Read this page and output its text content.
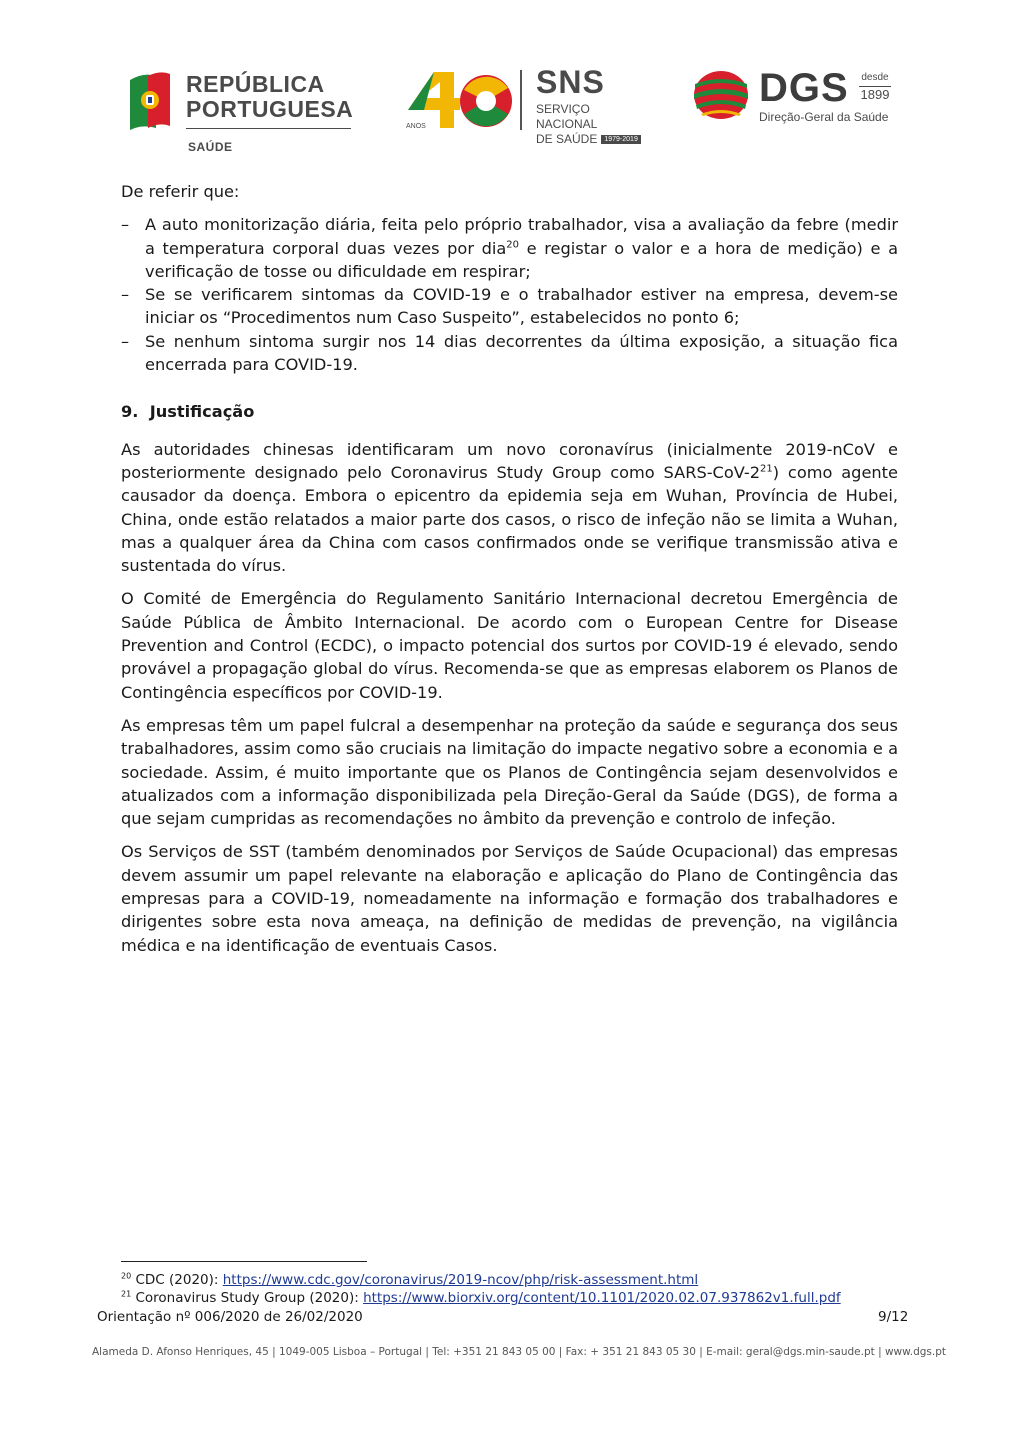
REPÚBLICA
PORTUGUESA
SAÚDE
ANOS
SNS
SERVIÇO NACIONAL
DE SAÚDE 1979-2019
DGS desde
1899
Direção-Geral da Saúde

De referir que:

– A auto monitorização diária, feita pelo próprio trabalhador, visa a avaliação da febre (medir a temperatura corporal duas vezes por dia$^{20}$ e registar o valor e a hora de medição) e a verificação de tosse ou dificuldade em respirar;
– Se se verificarem sintomas da COVID-19 e o trabalhador estiver na empresa, devem-se iniciar os “Procedimentos num Caso Suspeito”, estabelecidos no ponto 6;
– Se nenhum sintoma surgir nos 14 dias decorrentes da última exposição, a situação fica encerrada para COVID-19.
9. Justificação

As autoridades chinesas identificaram um novo coronavírus (inicialmente 2019-nCoV e posteriormente designado pelo Coronavirus Study Group como SARS-$CoV-2^{21}$) como agente causador da doença. Embora o epicentro da epidemia seja em Wuhan, Província de Hubei, China, onde estão relatados a maior parte dos casos, o risco de infeção não se limita a Wuhan, mas a qualquer área da China com casos confirmados onde se verifique transmissão ativa e sustentada do vírus.

O Comité de Emergência do Regulamento Sanitário Internacional decretou Emergência de Saúde Pública de Âmbito Internacional. De acordo com o European Centre for Disease Prevention and Control (ECDC), o impacto potencial dos surtos por COVID-19 é elevado, sendo provável a propagação global do vírus. Recomenda-se que as empresas elaborem os Planos de Contingência específicos por COVID-19.

As empresas têm um papel fulcral a desempenhar na proteção da saúde e segurança dos seus trabalhadores, assim como são cruciais na limitação do impacte negativo sobre a economia e a sociedade. Assim, é muito importante que os Planos de Contingência sejam desenvolvidos e atualizados com a informação disponibilizada pela Direção-Geral da Saúde (DGS), de forma a que sejam cumpridas as recomendações no âmbito da prevenção e controlo de infeção.

Os Serviços de SST (também denominados por Serviços de Saúde Ocupacional) das empresas devem assumir um papel relevante na elaboração e aplicação do Plano de Contingência das empresas para a COVID-19, nomeadamente na informação e formação dos trabalhadores e dirigentes sobre esta nova ameaça, na definição de medidas de prevenção, na vigilância médica e na identificação de eventuais Casos.

$^{20}$ CDC (2020): https://www.cdc.gov/coronavirus/2019-ncov/php/risk-assessment.html
$^{21}$ Coronavirus Study Group (2020): https://www.biorxiv.org/content/10.1101/2020.02.07.937862v1.full.pdf
Orientação nº 006/2020 de 26/02/2020	9/12
Alameda D. Afonso Henriques, 45 | 1049-005 Lisboa – Portugal | Tel: +351 21 843 05 00 | Fax: + 351 21 843 05 30 | E-mail: geral@dgs.min-saude.pt | www.dgs.pt
